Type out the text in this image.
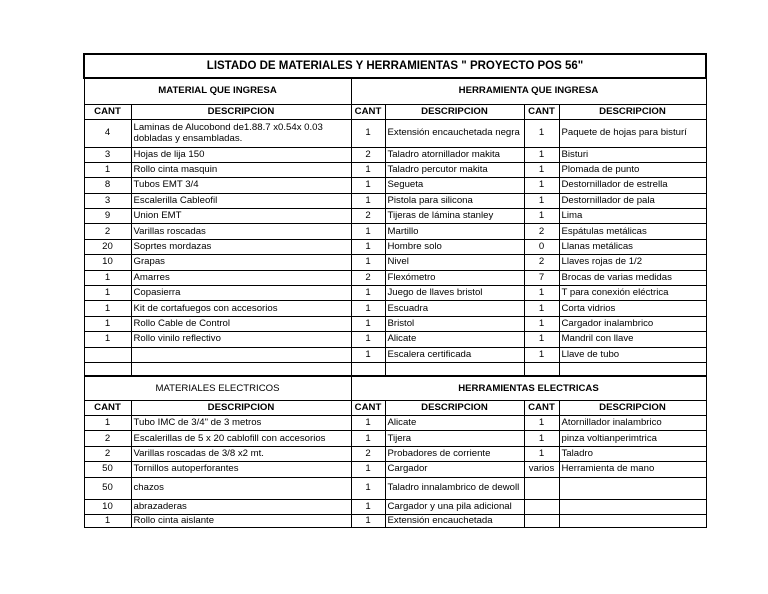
LISTADO DE MATERIALES Y HERRAMIENTAS " PROYECTO POS 56"					
MATERIAL QUE INGRESA		HERRAMIENTA QUE INGRESA			
CANT	DESCRIPCION	CANT	DESCRIPCION	CANT	DESCRIPCION
4	Laminas de Alucobond de1.88.7 x0.54x 0.03 dobladas y ensambladas.	1	Extensión encauchetada negra	1	Paquete de hojas para bisturí
3	Hojas de lija 150	2	Taladro atornillador makita	1	Bisturi
1	Rollo cinta masquin	1	Taladro percutor makita	1	Plomada de punto
8	Tubos EMT 3/4	1	Segueta	1	Destornillador de estrella
3	Escalerilla Cableofil	1	Pistola para silicona	1	Destornillador de pala
9	Union EMT	2	Tijeras de lámina stanley	1	Lima
2	Varillas roscadas	1	Martillo	2	Espátulas metálicas
20	Soprtes mordazas	1	Hombre solo	0	Llanas metálicas
10	Grapas	1	Nivel	2	Llaves rojas de 1/2
1	Amarres	2	Flexómetro	7	Brocas de varias medidas
1	Copasierra	1	Juego de llaves bristol	1	T para conexión eléctrica
1	Kit de cortafuegos con accesorios	1	Escuadra	1	Corta vidrios
1	Rollo Cable de Control	1	Bristol	1	Cargador inalambrico
1	Rollo vinilo reflectivo	1	Alicate	1	Mandril con llave
		1	Escalera certificada	1	Llave de tubo

MATERIALES ELECTRICOS		HERRAMIENTAS ELECTRICAS			
CANT	DESCRIPCION	CANT	DESCRIPCION	CANT	DESCRIPCION
1	Tubo IMC de 3/4" de 3 metros	1	Alicate	1	Atornillador inalambrico
2	Escalerillas de 5 x 20 cablofill con accesorios	1	Tijera	1	pinza voltianperimtrica
2	Varillas roscadas de 3/8 x2 mt.	2	Probadores de corriente	1	Taladro
50	Tornillos autoperforantes	1	Cargador	varios	Herramienta de mano
50	chazos	1	Taladro innalambrico de dewoll		
10	abrazaderas	1	Cargador y una pila adicional		
1	Rollo cinta aislante	1	Extensión encauchetada		
